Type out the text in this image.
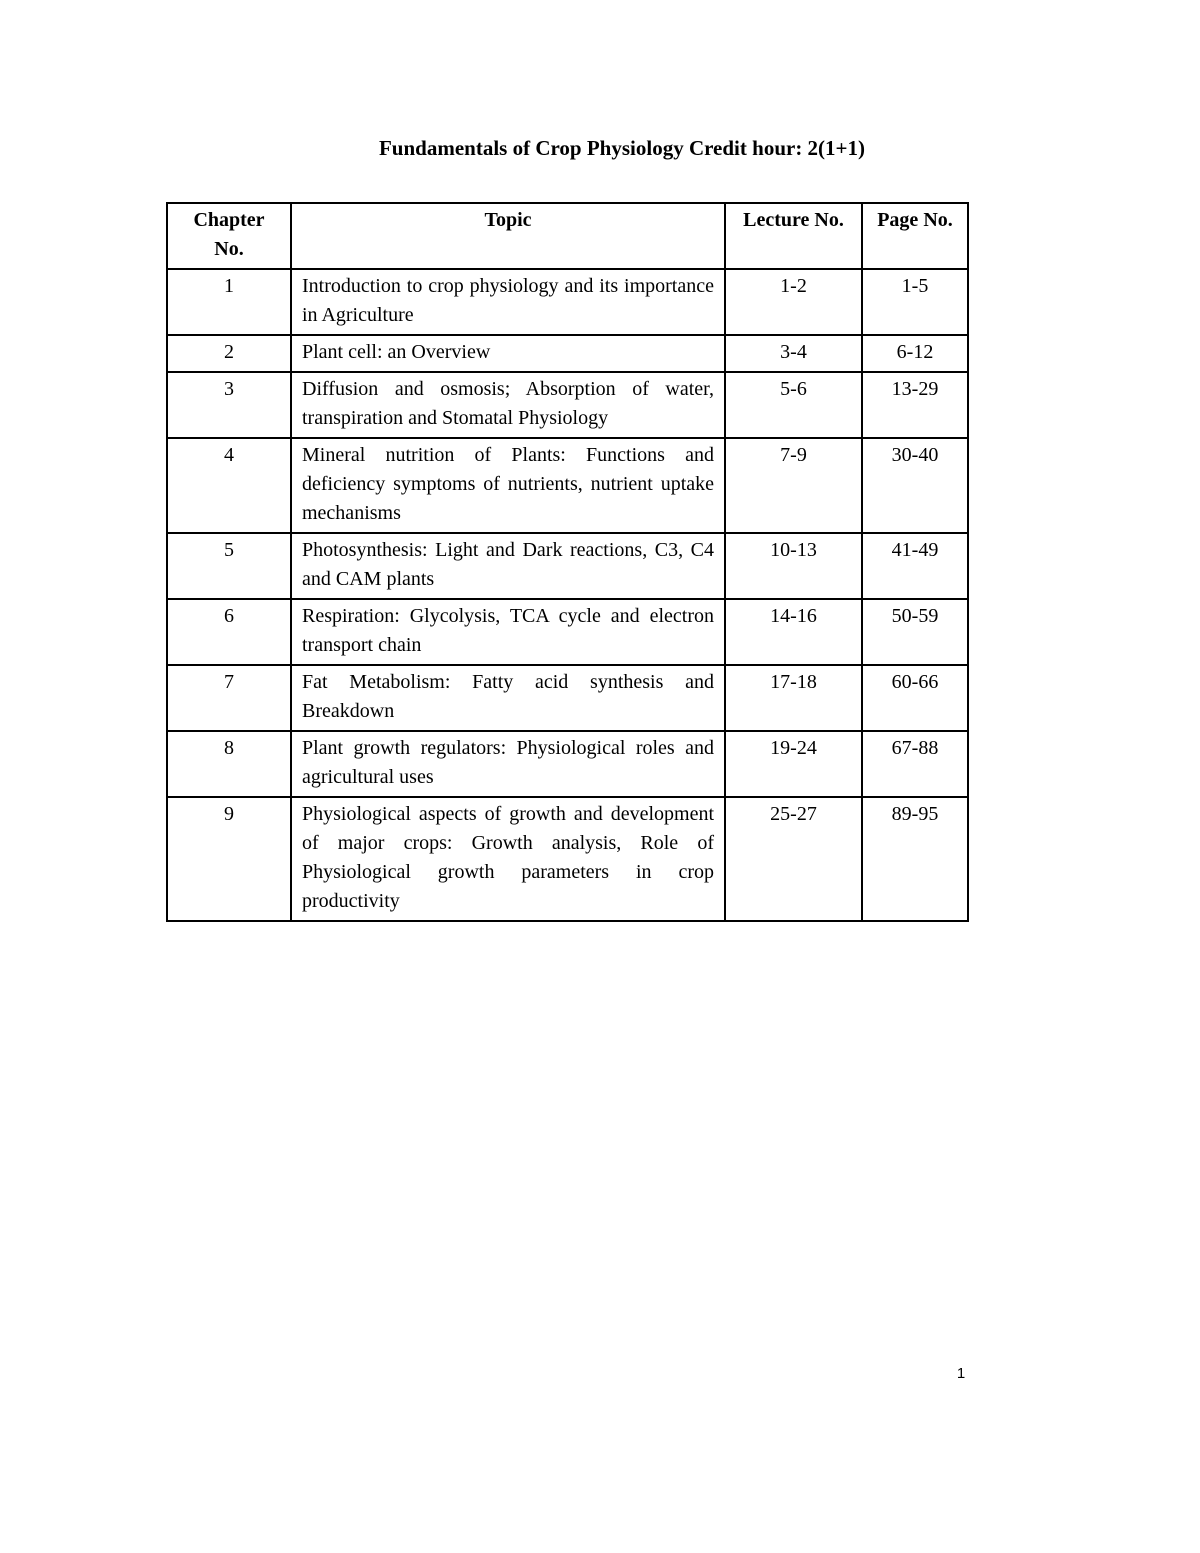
Fundamentals of Crop Physiology Credit hour: 2(1+1)
Chapter No.	Topic	Lecture No.	Page No.
1	Introduction to crop physiology and its importance in Agriculture	1-2	1-5
2	Plant cell: an Overview	3-4	6-12
3	Diffusion and osmosis; Absorption of water, transpiration and Stomatal Physiology	5-6	13-29
4	Mineral nutrition of Plants: Functions and deficiency symptoms of nutrients, nutrient uptake mechanisms	7-9	30-40
5	Photosynthesis: Light and Dark reactions, C3, C4 and CAM plants	10-13	41-49
6	Respiration: Glycolysis, TCA cycle and electron transport chain	14-16	50-59
7	Fat Metabolism: Fatty acid synthesis and Breakdown	17-18	60-66
8	Plant growth regulators: Physiological roles and agricultural uses	19-24	67-88
9	Physiological aspects of growth and development of major crops: Growth analysis, Role of Physiological growth parameters in crop productivity	25-27	89-95
1
